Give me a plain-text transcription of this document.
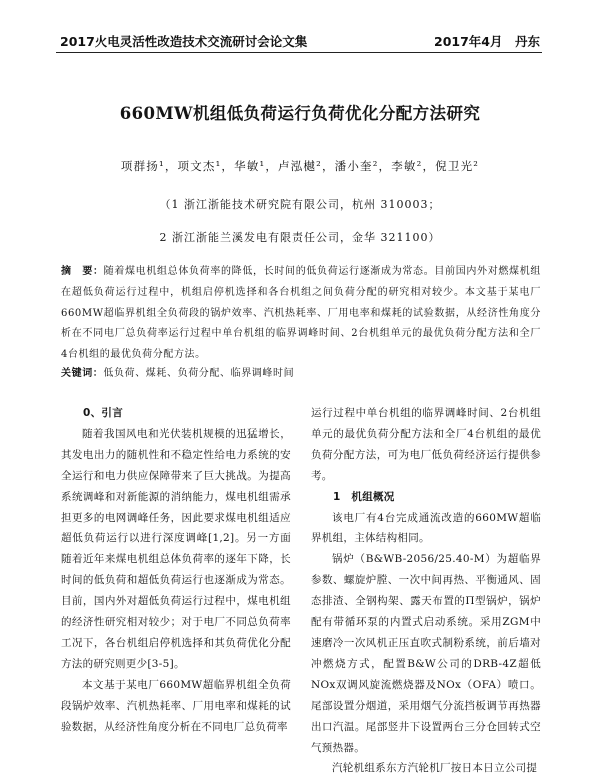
2017火电灵活性改造技术交流研讨会论文集	2017年4月　丹东
660MW机组低负荷运行负荷优化分配方法研究
项群扬¹，项文杰¹，华敏¹，卢泓樾²，潘小奎²，李敏²，倪卫光²
（1 浙江浙能技术研究院有限公司，杭州 310003；
2 浙江浙能兰溪发电有限责任公司，金华 321100）
摘　要：随着煤电机组总体负荷率的降低，长时间的低负荷运行逐渐成为常态。目前国内外对燃煤机组在超低负荷运行过程中，机组启停机选择和各台机组之间负荷分配的研究相对较少。本文基于某电厂660MW超临界机组全负荷段的锅炉效率、汽机热耗率、厂用电率和煤耗的试验数据，从经济性角度分析在不同电厂总负荷率运行过程中单台机组的临界调峰时间、2台机组单元的最优负荷分配方法和全厂4台机组的最优负荷分配方法。
关键词：低负荷、煤耗、负荷分配、临界调峰时间
0、引言

随着我国风电和光伏装机规模的迅猛增长，其发电出力的随机性和不稳定性给电力系统的安全运行和电力供应保障带来了巨大挑战。为提高系统调峰和对新能源的消纳能力，煤电机组需承担更多的电网调峰任务，因此要求煤电机组适应超低负荷运行以进行深度调峰[1,2]。另一方面随着近年来煤电机组总体负荷率的逐年下降，长时间的低负荷和超低负荷运行也逐渐成为常态。目前，国内外对超低负荷运行过程中，煤电机组的经济性研究相对较少；对于电厂不同总负荷率工况下，各台机组启停机选择和其负荷优化分配方法的研究则更少[3-5]。

本文基于某电厂660MW超临界机组全负荷段锅炉效率、汽机热耗率、厂用电率和煤耗的试验数据，从经济性角度分析在不同电厂总负荷率

运行过程中单台机组的临界调峰时间、2台机组单元的最优负荷分配方法和全厂4台机组的最优负荷分配方法，可为电厂低负荷经济运行提供参考。

1　机组概况

该电厂有4台完成通流改造的660MW超临界机组，主体结构相同。

锅炉（B&WB-2056/25.40-M）为超临界参数、螺旋炉膛、一次中间再热、平衡通风、固态排渣、全钢构架、露天布置的Π型锅炉，锅炉配有带循环泵的内置式启动系统。采用ZGM中速磨冷一次风机正压直吹式制粉系统，前后墙对冲燃烧方式，配置B&W公司的DRB-4Z超低NOx双调风旋流燃烧器及NOx（OFA）喷口。尾部设置分烟道，采用烟气分流挡板调节再热器出口汽温。尾部竖井下设置两台三分仓回转式空气预热器。

汽轮机组系东方汽轮机厂按日本日立公司提
